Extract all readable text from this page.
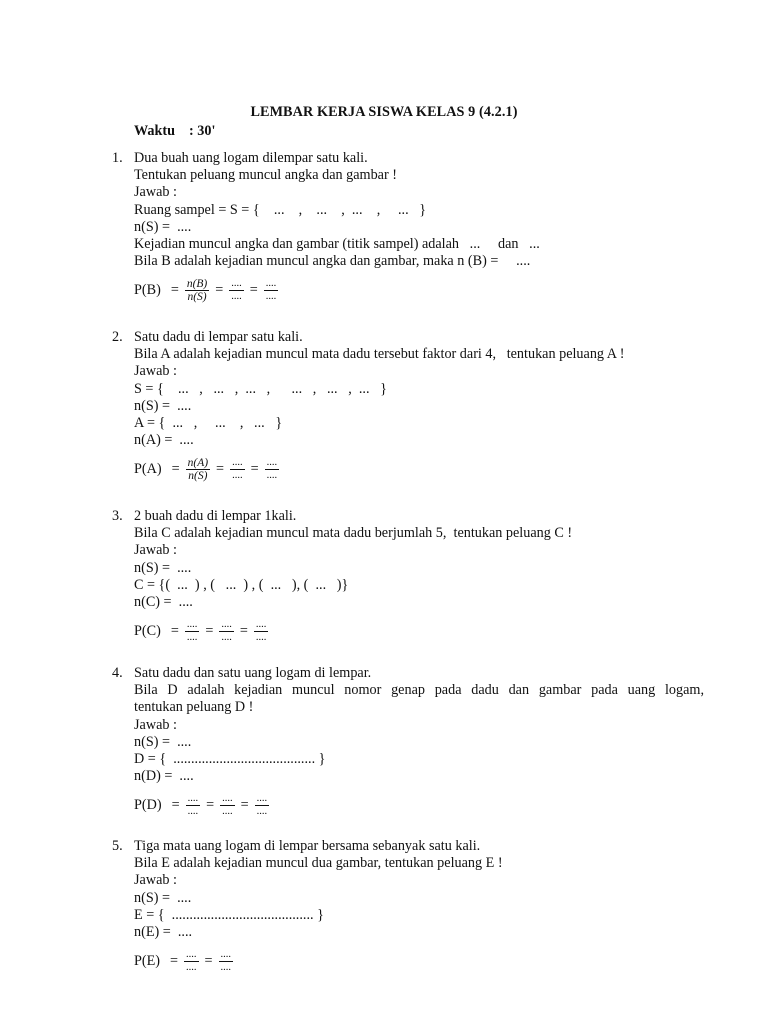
LEMBAR KERJA SISWA KELAS 9 (4.2.1)
Waktu : 30'
1. Dua buah uang logam dilempar satu kali.
Tentukan peluang muncul angka dan gambar !
Jawab :
Ruang sampel = S = {    ...    ,    ...    ,  ...    ,     ...   }
n(S) =  ....
Kejadian muncul angka dan gambar (titik sampel) adalah   ...     dan   ...
Bila B adalah kejadian muncul angka dan gambar, maka n (B) =     ....
$P(B) = \frac{n(B)}{n(S)} = \frac{....}{....} = \frac{....}{....}$
2. Satu dadu di lempar satu kali.
Bila A adalah kejadian muncul mata dadu tersebut faktor dari 4,   tentukan peluang A !
Jawab :
S = {    ...   ,   ...   ,  ...   ,      ...   ,   ...   ,  ...   }
n(S) =  ....
A = {  ...   ,     ...    ,   ...   }
n(A) =  ....
$P(A) = \frac{n(A)}{n(S)} = \frac{....}{....} = \frac{....}{....}$
3. 2 buah dadu di lempar 1kali.
Bila C adalah kejadian muncul mata dadu berjumlah 5,  tentukan peluang C !
Jawab :
n(S) =  ....
C = {(  ...  ) , (   ...  ) , (  ...   ), (  ...   )}
n(C) =  ....
$P(C) = \frac{....}{....} = \frac{....}{....} = \frac{....}{....}$
4. Satu dadu dan satu uang logam di lempar.
Bila D adalah kejadian muncul nomor genap pada dadu dan gambar pada uang logam,
tentukan peluang D !
Jawab :
n(S) =  ....
D = {  ........................................ }
n(D) =  ....
$P(D) = \frac{....}{....} = \frac{....}{....} = \frac{....}{....}$
5. Tiga mata uang logam di lempar bersama sebanyak satu kali.
Bila E adalah kejadian muncul dua gambar, tentukan peluang E !
Jawab :
n(S) =  ....
E = {  ........................................ }
n(E) =  ....
$P(E) = \frac{....}{....} = \frac{....}{....}$
